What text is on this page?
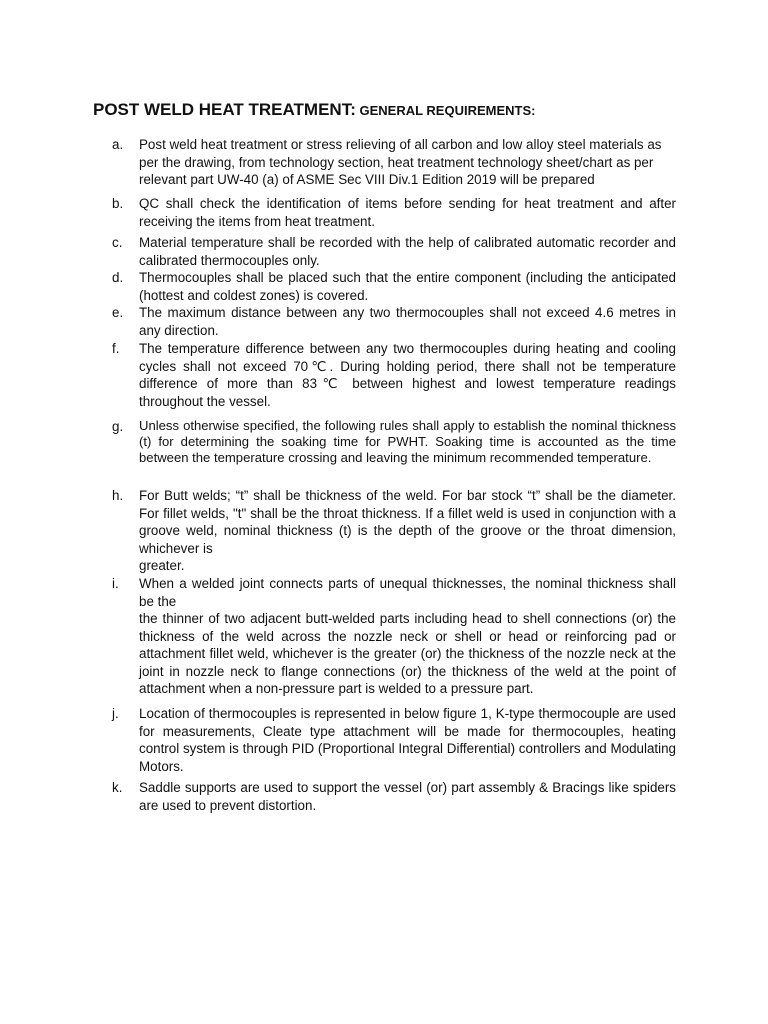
POST WELD HEAT TREATMENT: GENERAL REQUIREMENTS:
a.	Post weld heat treatment or stress relieving of all carbon and low alloy steel materials as per the drawing, from technology section, heat treatment technology sheet/chart as per relevant part UW-40 (a) of ASME Sec VIII Div.1 Edition 2019 will be prepared
b.	QC shall check the identification of items before sending for heat treatment and after receiving the items from heat treatment.
c.	Material temperature shall be recorded with the help of calibrated automatic recorder and calibrated thermocouples only.
d.	Thermocouples shall be placed such that the entire component (including the anticipated (hottest and coldest zones) is covered.
e.	The maximum distance between any two thermocouples shall not exceed 4.6 metres in any direction.
f.	The temperature difference between any two thermocouples during heating and cooling cycles shall not exceed 70℃. During holding period, there shall not be temperature difference of more than 83℃ between highest and lowest temperature readings throughout the vessel.
g.	Unless otherwise specified, the following rules shall apply to establish the nominal thickness (t) for determining the soaking time for PWHT. Soaking time is accounted as the time between the temperature crossing and leaving the minimum recommended temperature.
h.	For Butt welds; “t” shall be thickness of the weld. For bar stock “t” shall be the diameter. For fillet welds, "t" shall be the throat thickness. If a fillet weld is used in conjunction with a groove weld, nominal thickness (t) is the depth of the groove or the throat dimension, whichever is
greater.
i.	When a welded joint connects parts of unequal thicknesses, the nominal thickness shall be the
the thinner of two adjacent butt-welded parts including head to shell connections (or) the thickness of the weld across the nozzle neck or shell or head or reinforcing pad or attachment fillet weld, whichever is the greater (or) the thickness of the nozzle neck at the joint in nozzle neck to flange connections (or) the thickness of the weld at the point of attachment when a non-pressure part is welded to a pressure part.
j.	Location of thermocouples is represented in below figure 1, K-type thermocouple are used for measurements, Cleate type attachment will be made for thermocouples, heating control system is through PID (Proportional Integral Differential) controllers and Modulating Motors.
k.	Saddle supports are used to support the vessel (or) part assembly & Bracings like spiders are used to prevent distortion.
